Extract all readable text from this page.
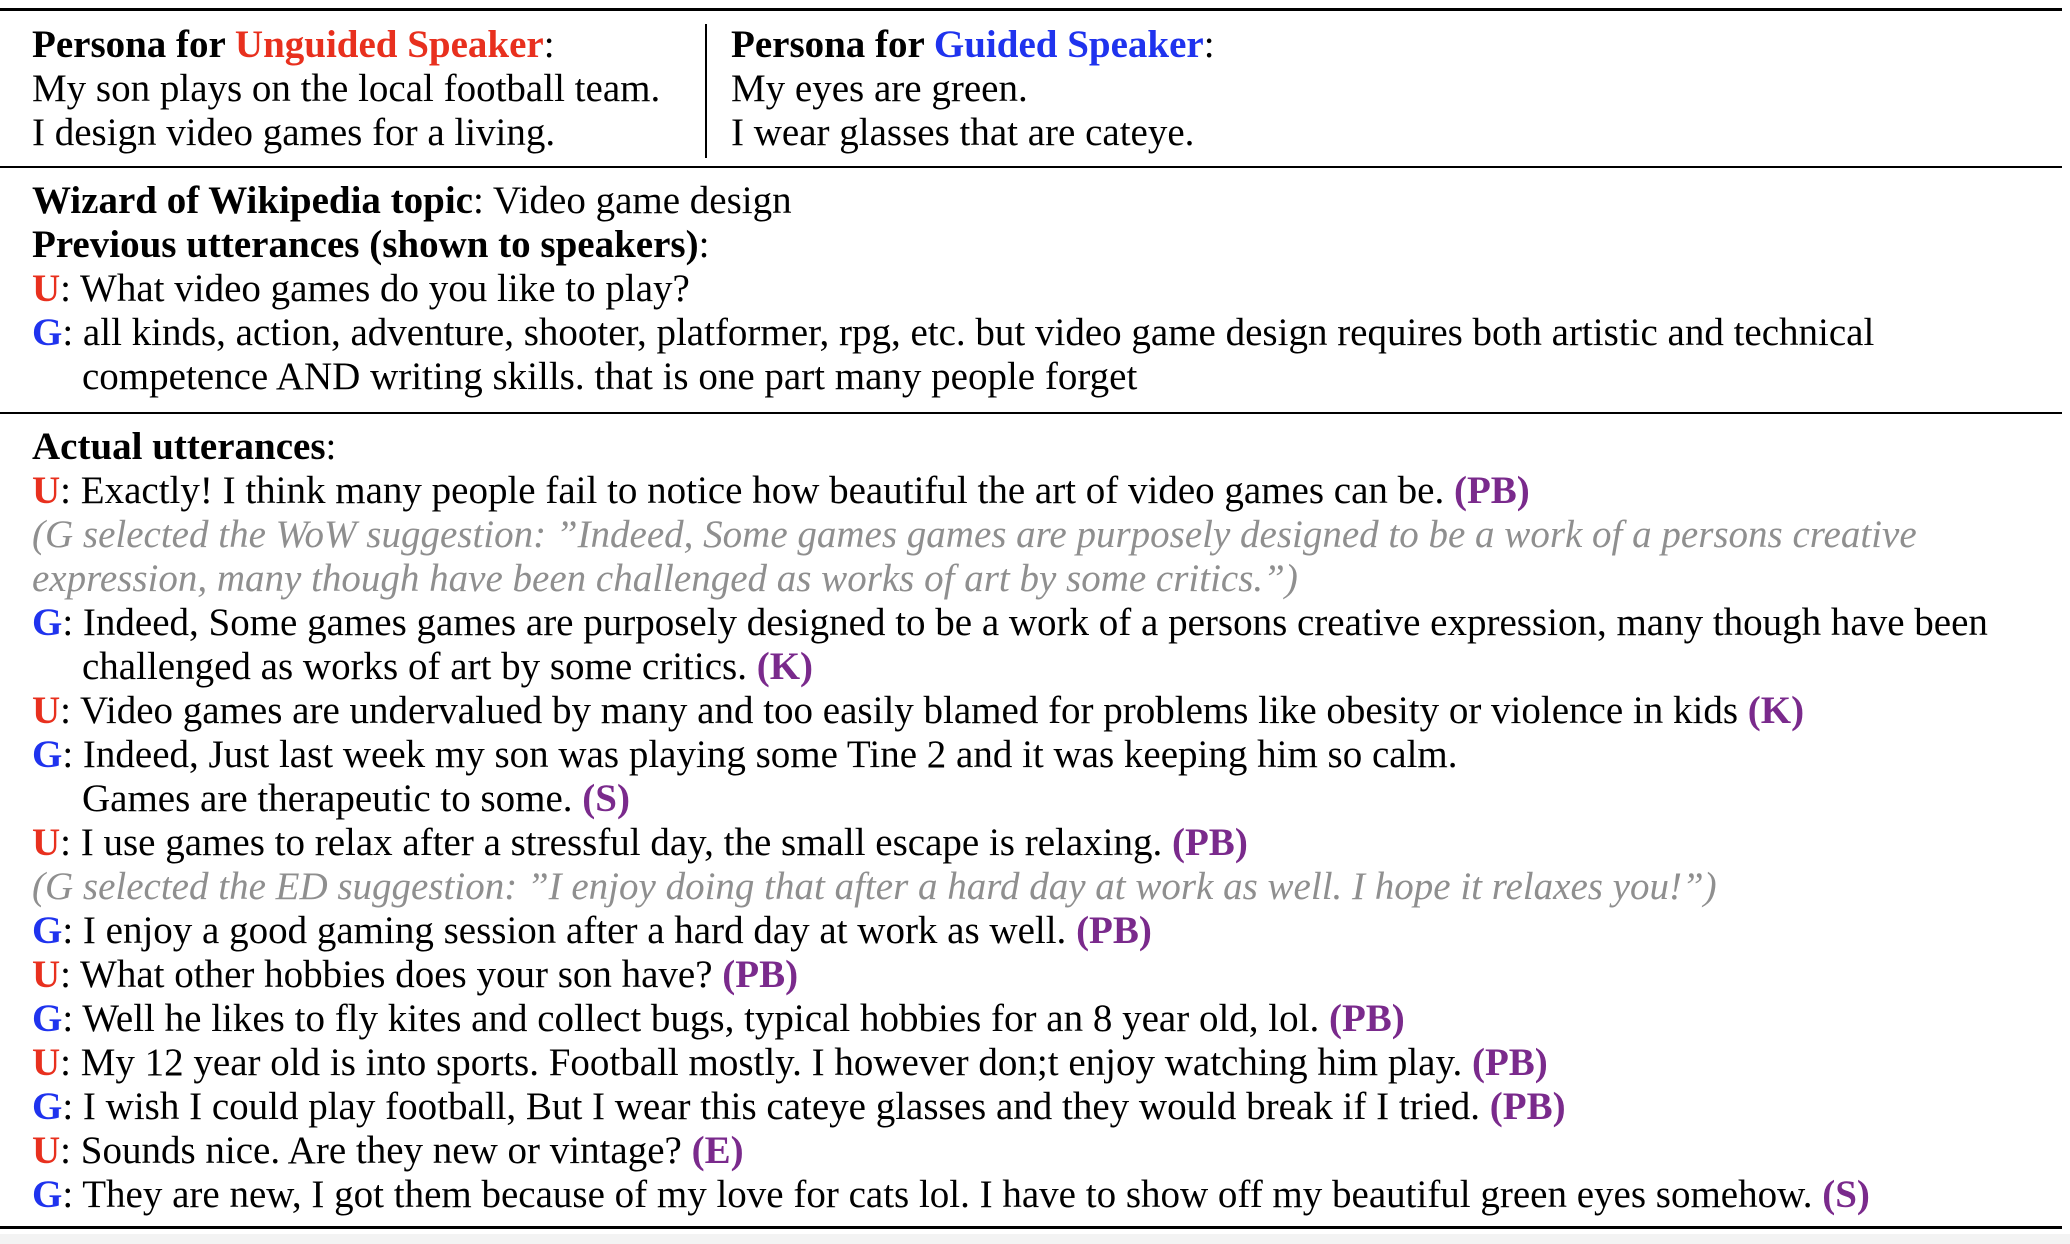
Persona for Unguided Speaker:
My son plays on the local football team.
I design video games for a living.
Persona for Guided Speaker:
My eyes are green.
I wear glasses that are cateye.
Wizard of Wikipedia topic: Video game design
Previous utterances (shown to speakers):
U: What video games do you like to play?
G: all kinds, action, adventure, shooter, platformer, rpg, etc. but video game design requires both artistic and technical
competence AND writing skills. that is one part many people forget
Actual utterances:
U: Exactly! I think many people fail to notice how beautiful the art of video games can be. (PB)
(G selected the WoW suggestion: ”Indeed, Some games games are purposely designed to be a work of a persons creative
expression, many though have been challenged as works of art by some critics.”)
G: Indeed, Some games games are purposely designed to be a work of a persons creative expression, many though have been
challenged as works of art by some critics. (K)
U: Video games are undervalued by many and too easily blamed for problems like obesity or violence in kids (K)
G: Indeed, Just last week my son was playing some Tine 2 and it was keeping him so calm.
Games are therapeutic to some. (S)
U: I use games to relax after a stressful day, the small escape is relaxing. (PB)
(G selected the ED suggestion: ”I enjoy doing that after a hard day at work as well. I hope it relaxes you!”)
G: I enjoy a good gaming session after a hard day at work as well. (PB)
U: What other hobbies does your son have? (PB)
G: Well he likes to fly kites and collect bugs, typical hobbies for an 8 year old, lol. (PB)
U: My 12 year old is into sports. Football mostly. I however don;t enjoy watching him play. (PB)
G: I wish I could play football, But I wear this cateye glasses and they would break if I tried. (PB)
U: Sounds nice. Are they new or vintage? (E)
G: They are new, I got them because of my love for cats lol. I have to show off my beautiful green eyes somehow. (S)
